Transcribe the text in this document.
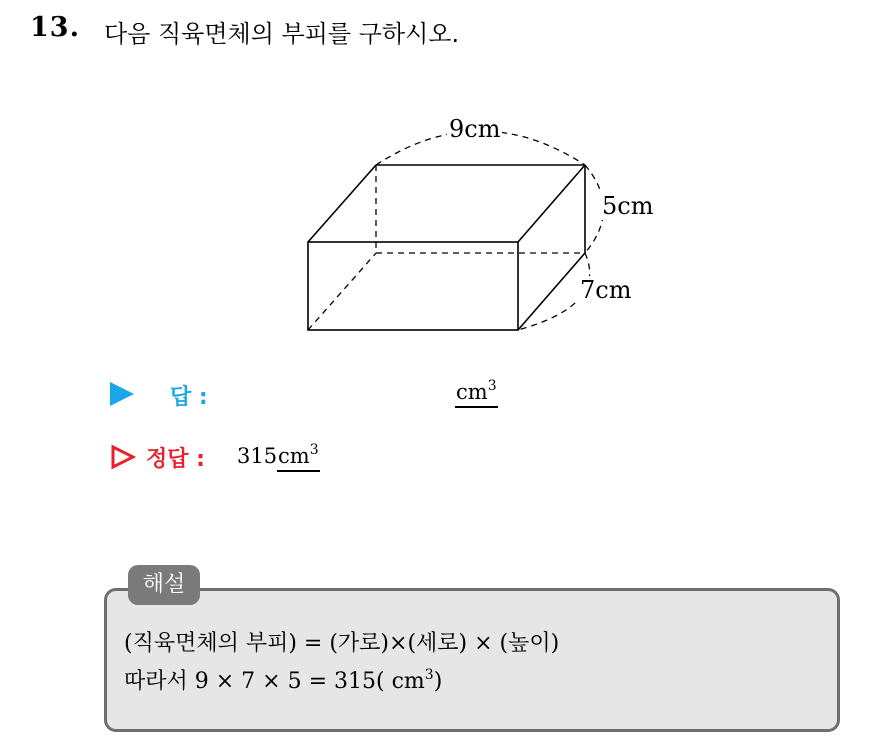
13. 다음 직육면체의 부피를 구하시오.
9cm
5cm
7cm
답 :	$cm^3$
정답 : 315 $cm^3$
해설
(직육면체의 부피) = (가로)×(세로) × (높이)
따라서 9 × 7 × 5 = 315( $cm^3$)
